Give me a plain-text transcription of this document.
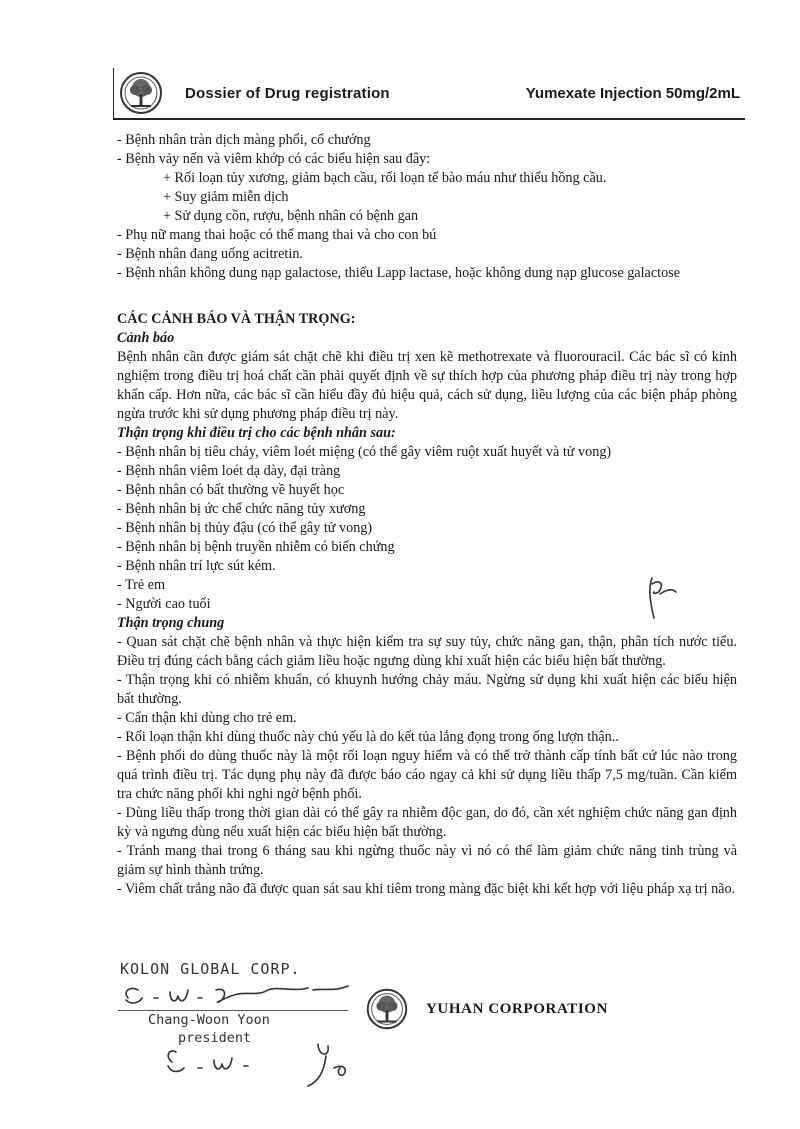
Dossier of Drug registration	Yumexate Injection 50mg/2mL

- Bệnh nhân tràn dịch màng phổi, cổ chướng

- Bệnh vảy nến và viêm khớp có các biểu hiện sau đây:

+ Rối loạn tủy xương, giảm bạch cầu, rối loạn tế bào máu như thiếu hồng cầu.

+ Suy giảm miễn dịch

+ Sử dụng cồn, rượu, bệnh nhân có bệnh gan

- Phụ nữ mang thai hoặc có thể mang thai và cho con bú

- Bệnh nhân đang uống acitretin.

- Bệnh nhân không dung nạp galactose, thiếu Lapp lactase, hoặc không dung nạp glucose galactose

CÁC CẢNH BÁO VÀ THẬN TRỌNG:

Cảnh báo

Bệnh nhân cần được giám sát chặt chẽ khi điều trị xen kẽ methotrexate và fluorouracil. Các bác sĩ có kinh nghiệm trong điều trị hoá chất cần phải quyết định về sự thích hợp của phương pháp điều trị này trong hợp khẩn cấp. Hơn nữa, các bác sĩ cần hiểu đầy đủ hiệu quả, cách sử dụng, liều lượng của các biện pháp phòng ngừa trước khi sử dụng phương pháp điều trị này.

Thận trọng khi điều trị cho các bệnh nhân sau:

- Bệnh nhân bị tiêu chảy, viêm loét miệng (có thể gây viêm ruột xuất huyết và tử vong)

- Bệnh nhân viêm loét dạ dày, đại tràng

- Bệnh nhân có bất thường về huyết học

- Bệnh nhân bị ức chế chức năng tủy xương

- Bệnh nhân bị thủy đậu (có thể gây tử vong)

- Bệnh nhân bị bệnh truyền nhiễm có biến chứng

- Bệnh nhân trí lực sút kém.

- Trẻ em

- Người cao tuổi

Thận trọng chung

- Quan sát chặt chẽ bệnh nhân và thực hiện kiểm tra sự suy tủy, chức năng gan, thận, phân tích nước tiểu. Điều trị đúng cách bằng cách giảm liều hoặc ngưng dùng khi xuất hiện các biểu hiện bất thường.

- Thận trọng khi có nhiễm khuẩn, có khuynh hướng chảy máu. Ngừng sử dụng khi xuất hiện các biểu hiện bất thường.

- Cẩn thận khi dùng cho trẻ em.

- Rối loạn thận khi dùng thuốc này chủ yếu là do kết tủa lắng đọng trong ống lượn thận..

- Bệnh phổi do dùng thuốc này là một rối loạn nguy hiểm và có thể trở thành cấp tính bất cứ lúc nào trong quá trình điều trị. Tác dụng phụ này đã được báo cáo ngay cả khi sử dụng liều thấp 7,5 mg/tuần. Cần kiểm tra chức năng phổi khi nghi ngờ bệnh phổi.

- Dùng liều thấp trong thời gian dài có thể gây ra nhiễm độc gan, do đó, cần xét nghiệm chức năng gan định kỳ và ngưng dùng nếu xuất hiện các biểu hiện bất thường.

- Tránh mang thai trong 6 tháng sau khi ngừng thuốc này vì nó có thể làm giảm chức năng tinh trùng và giảm sự hình thành trứng.

- Viêm chất trắng não đã được quan sát sau khi tiêm trong màng đặc biệt khi kết hợp với liệu pháp xạ trị não.

KOLON GLOBAL CORP.
Chang-Woon Yoon
president
YUHAN CORPORATION
